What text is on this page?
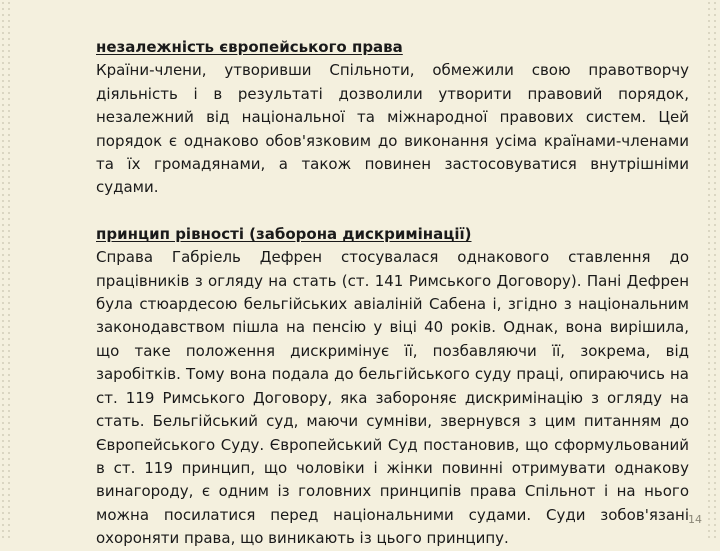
незалежність європейського права

Країни-члени, утворивши Спільноти, обмежили свою правотворчу діяльність і в результаті дозволили утворити правовий порядок, незалежний від національної та міжнародної правових систем. Цей порядок є однаково обов'язковим до виконання усіма країнами-членами та їх громадянами, а також повинен застосовуватися внутрішніми судами.

принцип рівності (заборона дискримінації)

Справа Габріель Дефрен стосувалася однакового ставлення до працівників з огляду на стать (ст. 141 Римського Договору). Пані Дефрен була стюардесою бельгійських авіаліній Сабена і, згідно з національним законодавством пішла на пенсію у віці 40 років. Однак, вона вирішила, що таке положення дискримінує її, позбавляючи її, зокрема, від заробітків. Тому вона подала до бельгійського суду праці, опираючись на ст. 119 Римського Договору, яка забороняє дискримінацію з огляду на стать. Бельгійський суд, маючи сумніви, звернувся з цим питанням до Європейського Суду. Європейський Суд постановив, що сформульований в ст. 119 принцип, що чоловіки і жінки повинні отримувати однакову винагороду, є одним із головних принципів права Спільнот і на нього можна посилатися перед національними судами. Суди зобов'язані охороняти права, що виникають із цього принципу.

14
